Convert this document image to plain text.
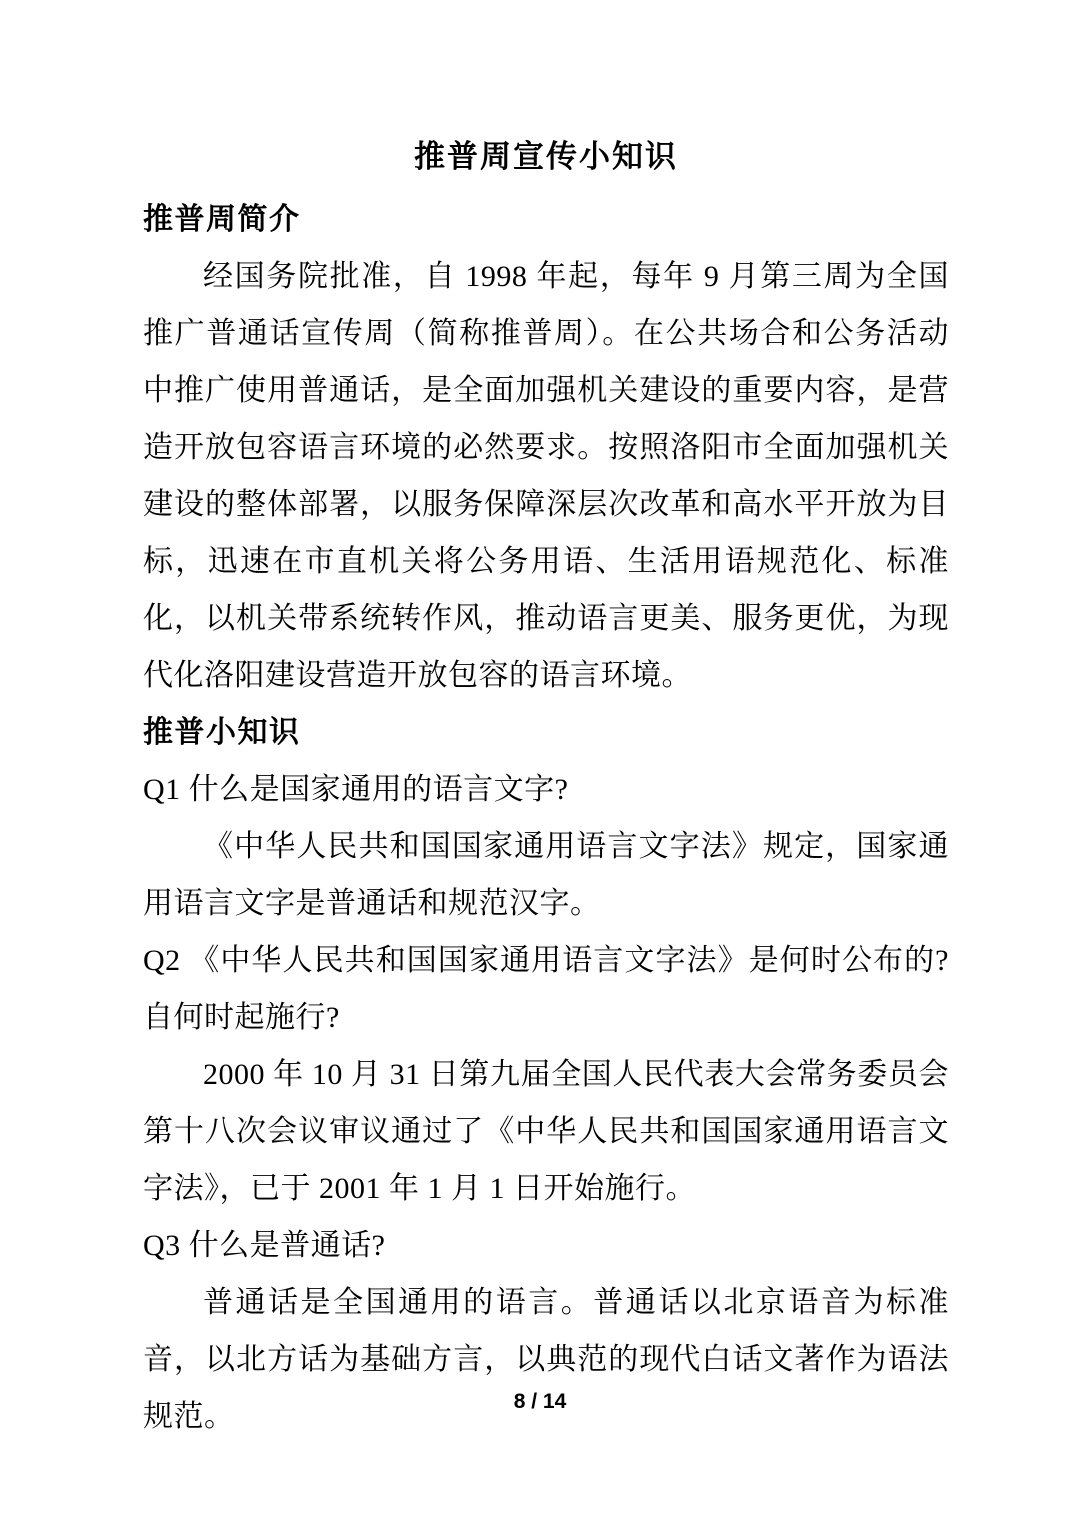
推普周宣传小知识
推普周简介

经国务院批准，自 1998 年起，每年 9 月第三周为全国推广普通话宣传周（简称推普周）。在公共场合和公务活动中推广使用普通话，是全面加强机关建设的重要内容，是营造开放包容语言环境的必然要求。按照洛阳市全面加强机关建设的整体部署，以服务保障深层次改革和高水平开放为目标，迅速在市直机关将公务用语、生活用语规范化、标准化，以机关带系统转作风，推动语言更美、服务更优，为现代化洛阳建设营造开放包容的语言环境。

推普小知识

Q1 什么是国家通用的语言文字?

《中华人民共和国国家通用语言文字法》规定，国家通用语言文字是普通话和规范汉字。

Q2 《中华人民共和国国家通用语言文字法》是何时公布的?自何时起施行?

2000 年 10 月 31 日第九届全国人民代表大会常务委员会第十八次会议审议通过了《中华人民共和国国家通用语言文字法》，已于 2001 年 1 月 1 日开始施行。

Q3 什么是普通话?

普通话是全国通用的语言。普通话以北京语音为标准音，以北方话为基础方言，以典范的现代白话文著作为语法规范。	8 / 14
